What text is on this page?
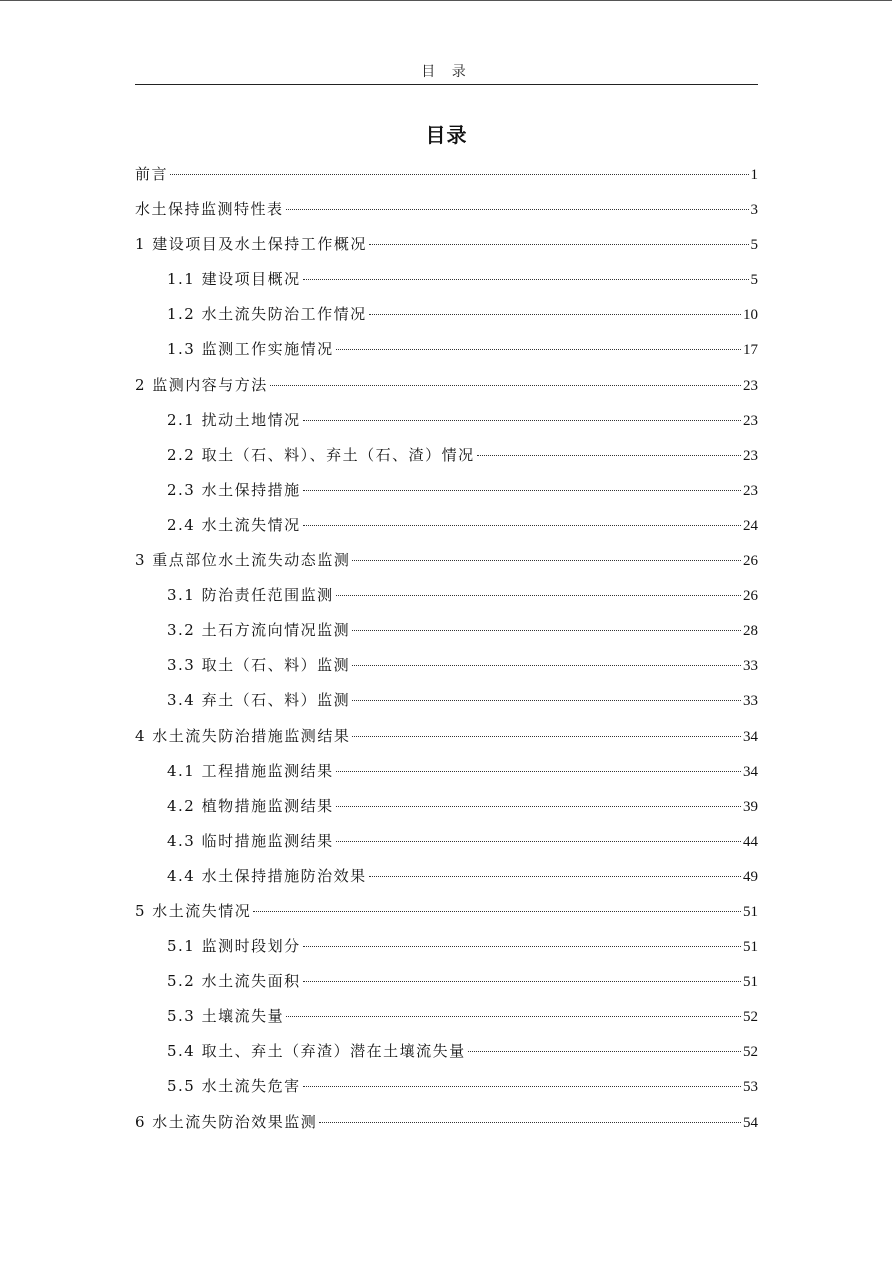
目 录
目录
前言	1
水土保持监测特性表	3
1 建设项目及水土保持工作概况	5
1.1 建设项目概况	5
1.2 水土流失防治工作情况	10
1.3 监测工作实施情况	17
2 监测内容与方法	23
2.1 扰动土地情况	23
2.2 取土（石、料）、弃土（石、渣）情况	23
2.3 水土保持措施	23
2.4 水土流失情况	24
3 重点部位水土流失动态监测	26
3.1 防治责任范围监测	26
3.2 土石方流向情况监测	28
3.3 取土（石、料）监测	33
3.4 弃土（石、料）监测	33
4 水土流失防治措施监测结果	34
4.1 工程措施监测结果	34
4.2 植物措施监测结果	39
4.3 临时措施监测结果	44
4.4 水土保持措施防治效果	49
5 水土流失情况	51
5.1 监测时段划分	51
5.2 水土流失面积	51
5.3 土壤流失量	52
5.4 取土、弃土（弃渣）潜在土壤流失量	52
5.5 水土流失危害	53
6 水土流失防治效果监测	54
